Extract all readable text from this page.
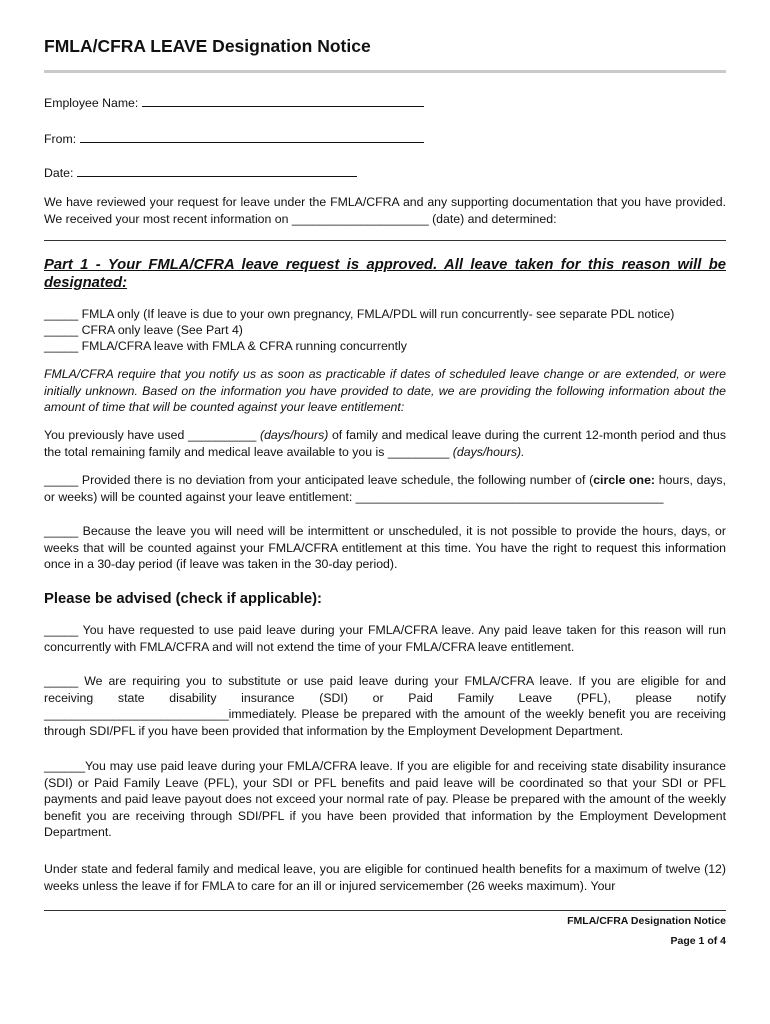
FMLA/CFRA LEAVE Designation Notice
Employee Name:
From:
Date:

We have reviewed your request for leave under the FMLA/CFRA and any supporting documentation that you have provided. We received your most recent information on ____________________ (date) and determined:

Part 1 - Your FMLA/CFRA leave request is approved. All leave taken for this reason will be designated:
_____ FMLA only (If leave is due to your own pregnancy, FMLA/PDL will run concurrently- see separate PDL notice)
_____ CFRA only leave (See Part 4)
_____ FMLA/CFRA leave with FMLA & CFRA running concurrently

FMLA/CFRA require that you notify us as soon as practicable if dates of scheduled leave change or are extended, or were initially unknown. Based on the information you have provided to date, we are providing the following information about the amount of time that will be counted against your leave entitlement:

You previously have used __________ (days/hours) of family and medical leave during the current 12-month period and thus the total remaining family and medical leave available to you is _________ (days/hours).

_____ Provided there is no deviation from your anticipated leave schedule, the following number of (circle one: hours, days, or weeks) will be counted against your leave entitlement: _____________________________________________

_____ Because the leave you will need will be intermittent or unscheduled, it is not possible to provide the hours, days, or weeks that will be counted against your FMLA/CFRA entitlement at this time. You have the right to request this information once in a 30-day period (if leave was taken in the 30-day period).

Please be advised (check if applicable):

_____ You have requested to use paid leave during your FMLA/CFRA leave. Any paid leave taken for this reason will run concurrently with FMLA/CFRA and will not extend the time of your FMLA/CFRA leave entitlement.

_____ We are requiring you to substitute or use paid leave during your FMLA/CFRA leave. If you are eligible for and receiving state disability insurance (SDI) or Paid Family Leave (PFL), please notify ___________________________immediately. Please be prepared with the amount of the weekly benefit you are receiving through SDI/PFL if you have been provided that information by the Employment Development Department.

______You may use paid leave during your FMLA/CFRA leave. If you are eligible for and receiving state disability insurance (SDI) or Paid Family Leave (PFL), your SDI or PFL benefits and paid leave will be coordinated so that your SDI or PFL payments and paid leave payout does not exceed your normal rate of pay. Please be prepared with the amount of the weekly benefit you are receiving through SDI/PFL if you have been provided that information by the Employment Development Department.

Under state and federal family and medical leave, you are eligible for continued health benefits for a maximum of twelve (12) weeks unless the leave if for FMLA to care for an ill or injured servicemember (26 weeks maximum). Your

FMLA/CFRA Designation Notice
Page 1 of 4
